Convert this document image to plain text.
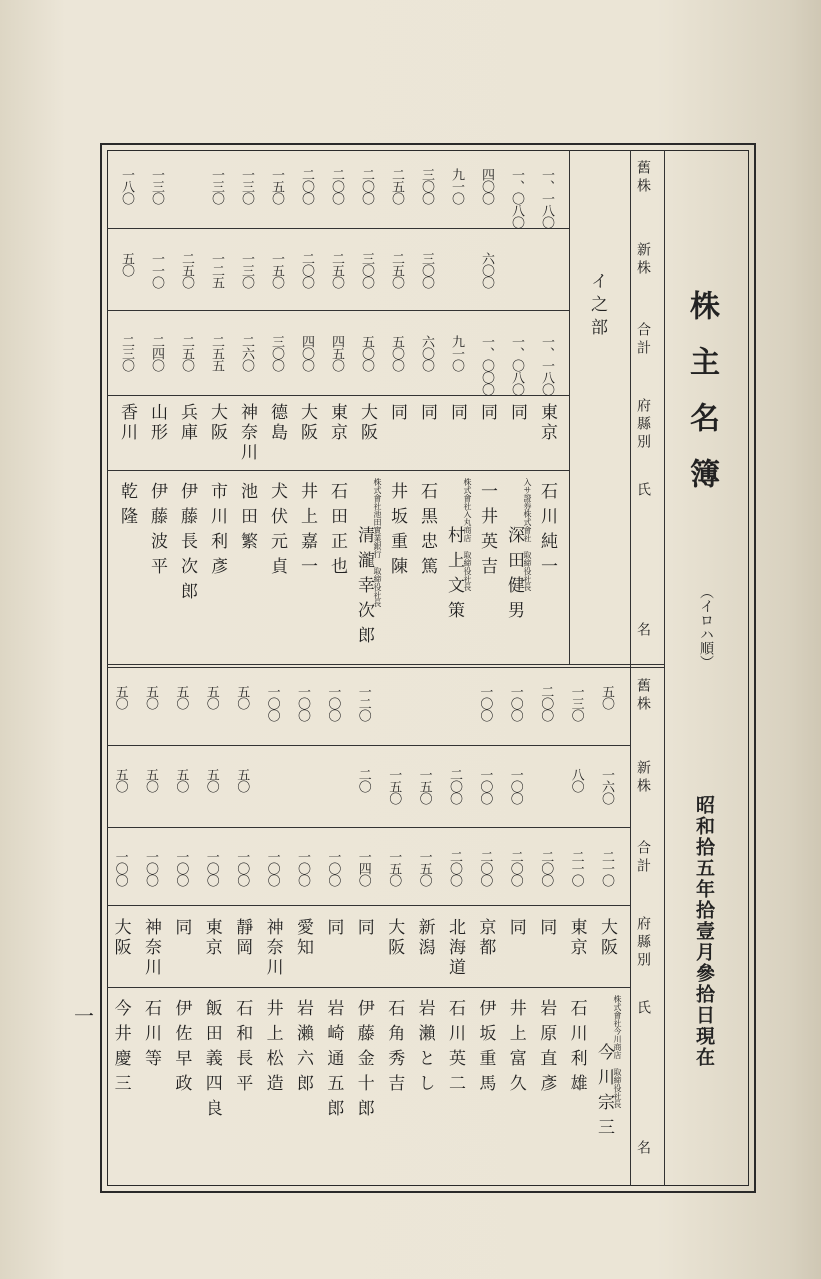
株主名簿
（イロハ順）
昭和拾五年拾壹月參拾日現在
舊株
新株
合計
府縣別
氏
名
舊株
新株
合計
府縣別
氏
名
イ之部
一、一八〇
一、一八〇
東京
石川純一
一、〇八〇
一、〇八〇
同
入サ證券株式會社 取締役社長
深田健男
四〇〇
六〇〇
一、〇〇〇
同
一井英吉
九一〇
九一〇
同
株式會社入丸商店 取締役社長
村上文策
三〇〇
三〇〇
六〇〇
同
石黒忠篤
二五〇
二五〇
五〇〇
同
井坂重陳
二〇〇
三〇〇
五〇〇
大阪
株式會社池田實業銀行 取締役社長
清瀧幸次郎
二〇〇
二五〇
四五〇
東京
石田正也
二〇〇
二〇〇
四〇〇
大阪
井上嘉一
一五〇
一五〇
三〇〇
德島
犬伏元貞
一三〇
一三〇
二六〇
神奈川
池田繁
一三〇
一二五
二五五
大阪
市川利彥
二五〇
二五〇
兵庫
伊藤長次郎
一三〇
一一〇
二四〇
山形
伊藤波平
一八〇
五〇
二三〇
香川
乾隆
五〇
一六〇
二一〇
大阪
株式會社今川商店 取締役社長
今川宗三
一三〇
八〇
二一〇
東京
石川利雄
二〇〇
二〇〇
同
岩原直彥
一〇〇
一〇〇
二〇〇
同
井上富久
一〇〇
一〇〇
二〇〇
京都
伊坂重馬
二〇〇
二〇〇
北海道
石川英二
一五〇
一五〇
新潟
岩瀨とし
一五〇
一五〇
大阪
石角秀吉
一二〇
二〇
一四〇
同
伊藤金十郎
一〇〇
一〇〇
同
岩崎通五郎
一〇〇
一〇〇
愛知
岩瀨六郎
一〇〇
一〇〇
神奈川
井上松造
五〇
五〇
一〇〇
靜岡
石和長平
五〇
五〇
一〇〇
東京
飯田義四良
五〇
五〇
一〇〇
同
伊佐早政
五〇
五〇
一〇〇
神奈川
石川等
五〇
五〇
一〇〇
大阪
今井慶三
一
